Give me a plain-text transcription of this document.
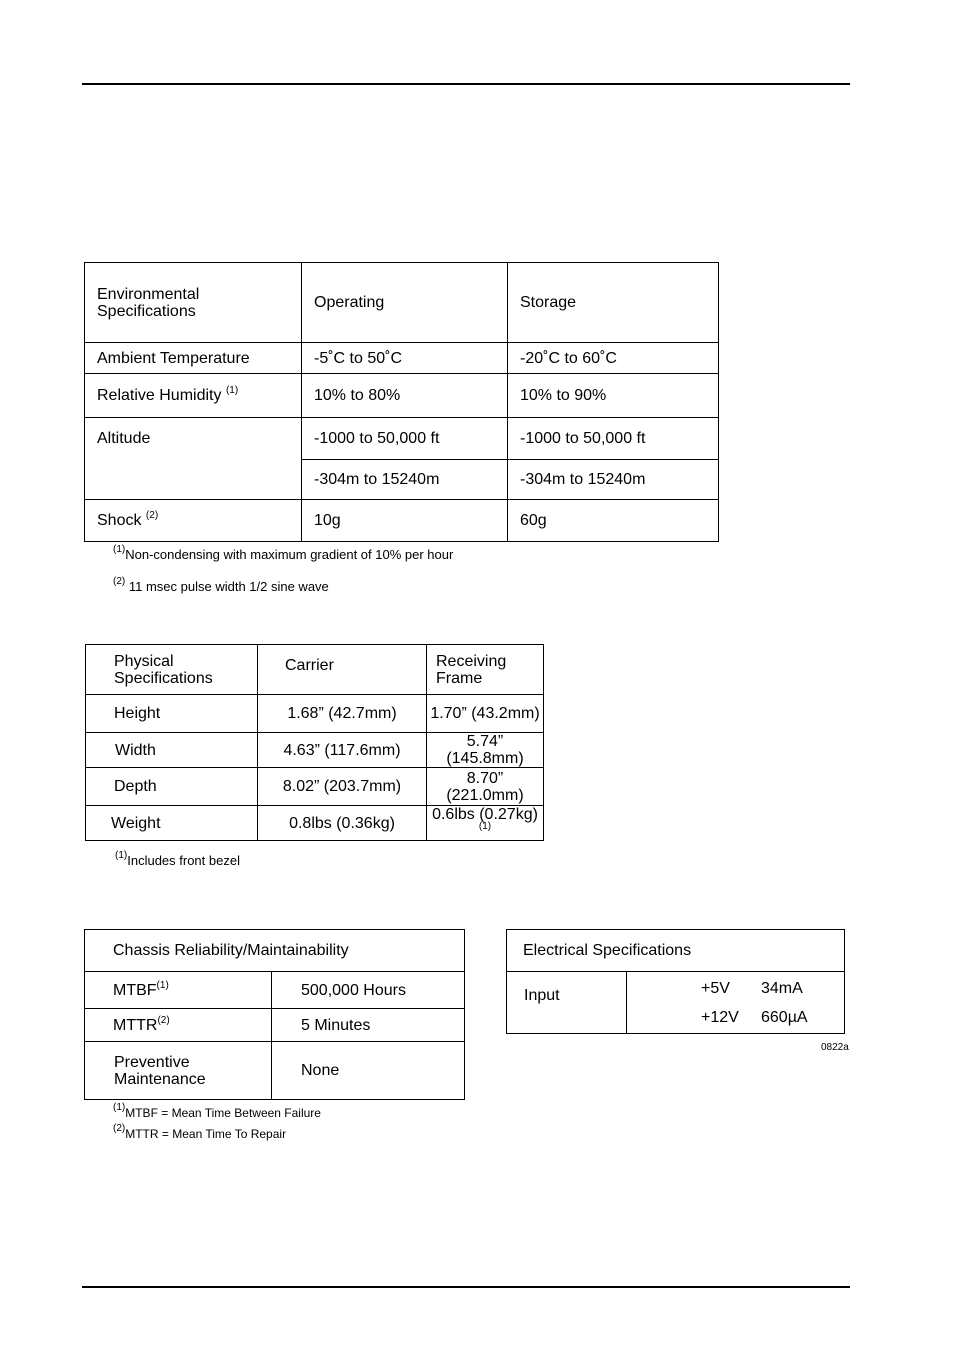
Environmental Specifications	Operating	Storage
Ambient Temperature	-5˚C to 50˚C	-20˚C to 60˚C
Relative Humidity $^{(1)}$	10% to 80%	10% to 90%
Altitude	-1000 to 50,000 ft	-1000 to 50,000 ft
	-304m to 15240m	-304m to 15240m
Shock $^{(2)}$	10g	60g
$^{(1)}$Non-condensing with maximum gradient of 10% per hour
$^{(2)}$ 11 msec pulse width 1/2 sine wave
Physical Specifications	Carrier	Receiving Frame
Height	1.68” (42.7mm)	1.70” (43.2mm)
Width	4.63” (117.6mm)	5.74” (145.8mm)
Depth	8.02” (203.7mm)	8.70” (221.0mm)
Weight	0.8lbs (0.36kg)	0.6lbs $(0.27kg)^{(1)}$
$^{(1)}$Includes front bezel
Chassis Reliability/Maintainability	
MTBF$^{(1)}$	500,000 Hours
MTTR$^{(2)}$	5 Minutes
Preventive Maintenance	None
$^{(1)}$MTBF = Mean Time Between Failure
$^{(2)}$MTTR = Mean Time To Repair
Electrical Specifications
Input	+5V 34mA
+12V 660µA
0822a
